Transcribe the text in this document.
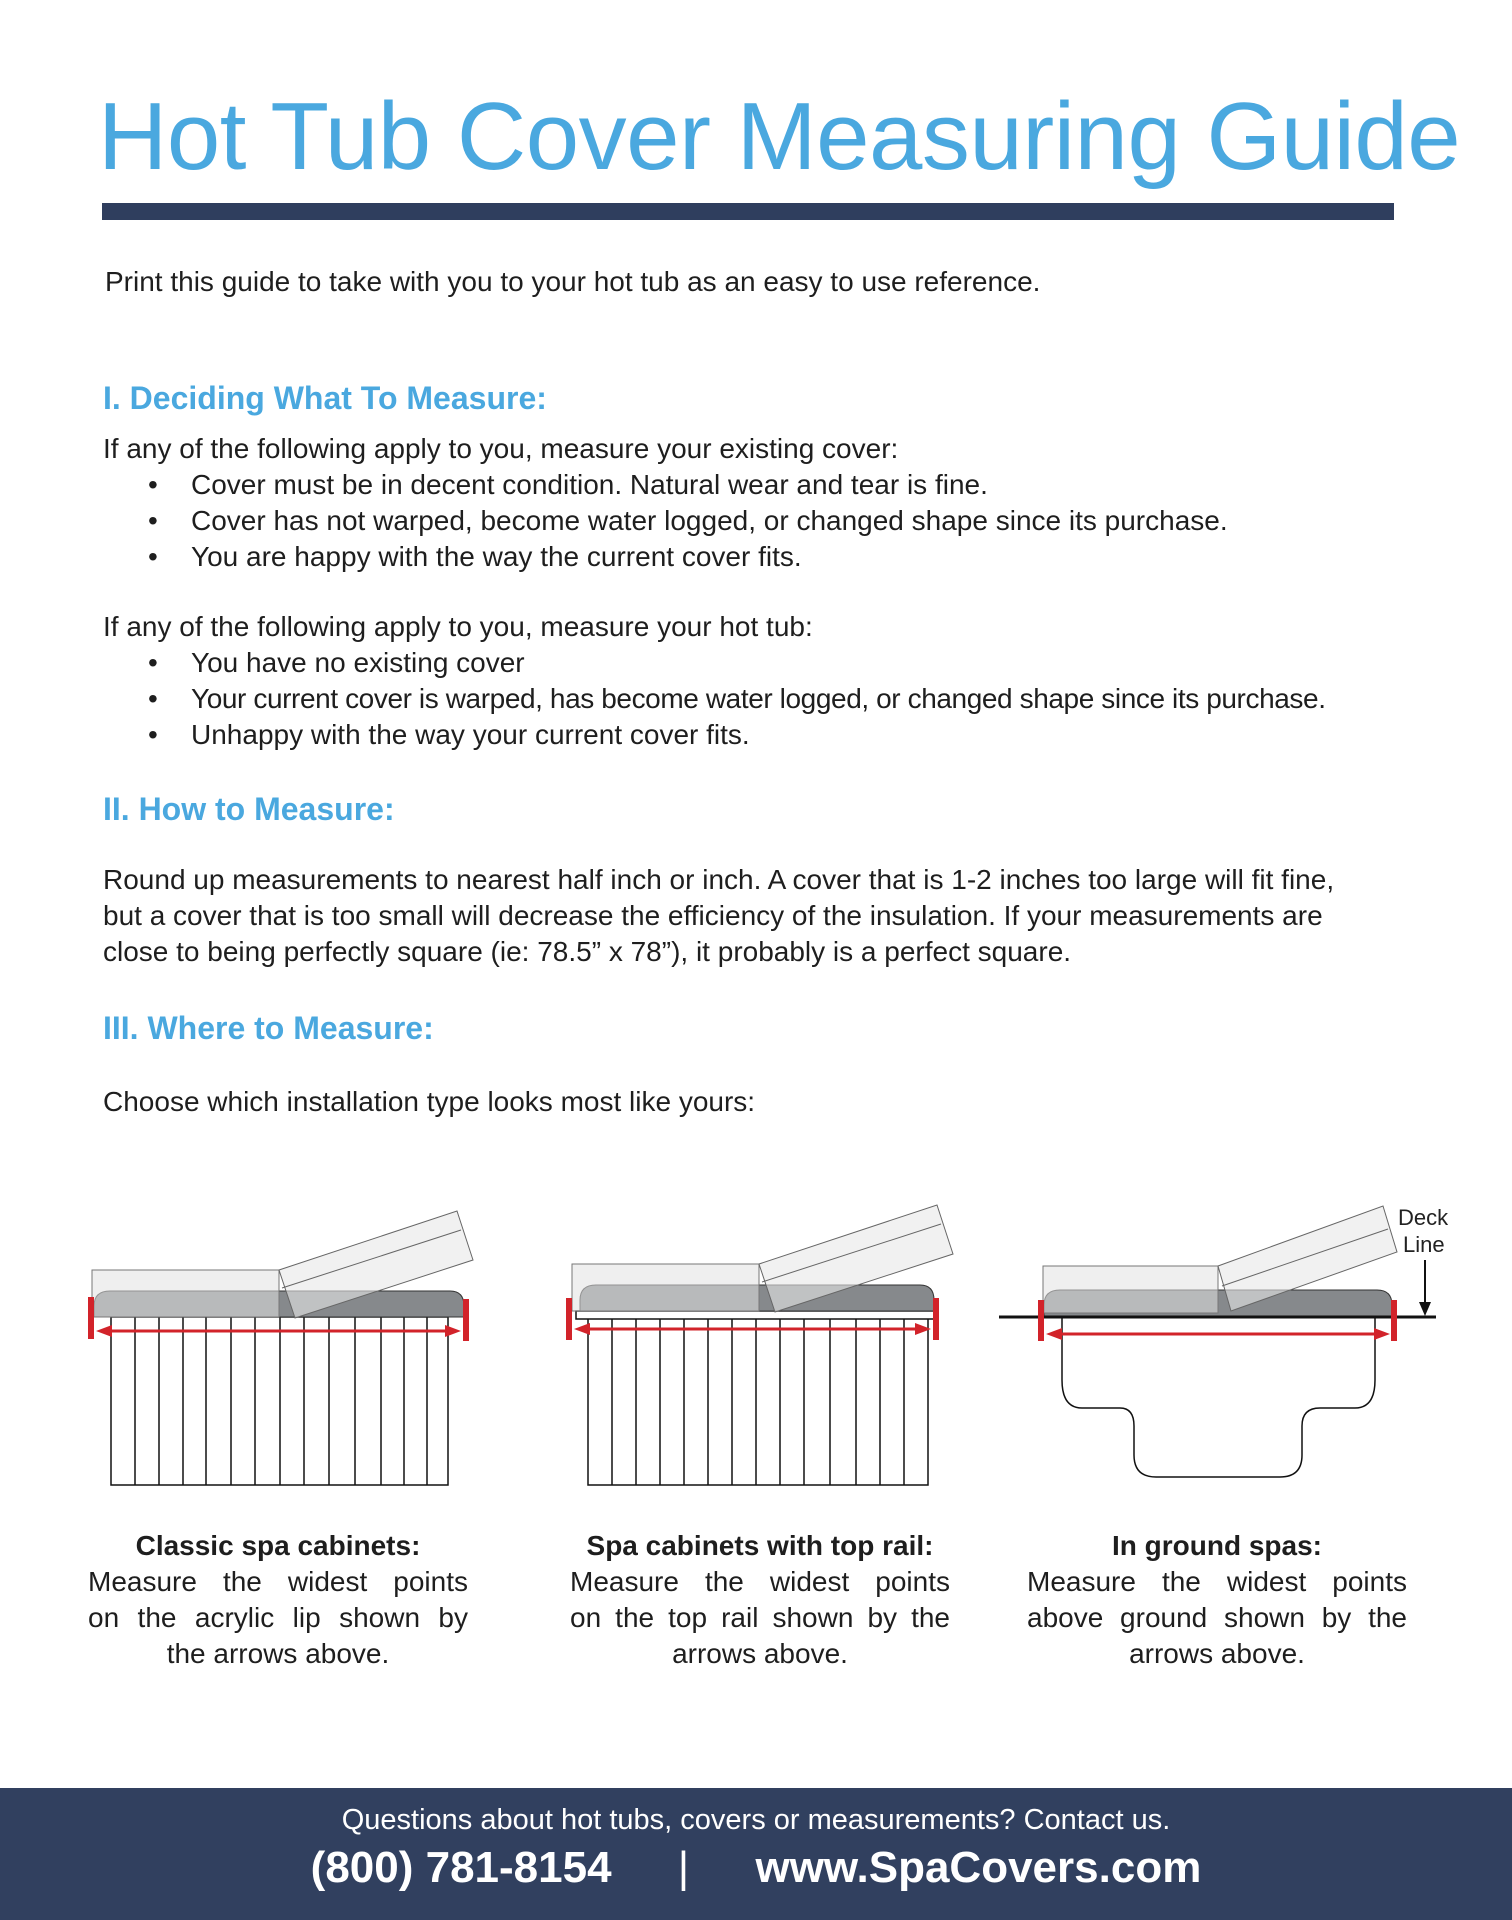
Hot Tub Cover Measuring Guide
Print this guide to take with you to your hot tub as an easy to use reference.
I. Deciding What To Measure:
If any of the following apply to you, measure your existing cover:
• Cover must be in decent condition. Natural wear and tear is fine.
• Cover has not warped, become water logged, or changed shape since its purchase.
• You are happy with the way the current cover fits.
If any of the following apply to you, measure your hot tub:
• You have no existing cover
• Your current cover is warped, has become water logged, or changed shape since its purchase.
• Unhappy with the way your current cover fits.
II. How to Measure:
Round up measurements to nearest half inch or inch. A cover that is 1-2 inches too large will fit fine,
but a cover that is too small will decrease the efficiency of the insulation. If your measurements are
close to being perfectly square (ie: 78.5” x 78”), it probably is a perfect square.
III. Where to Measure:
Choose which installation type looks most like yours:
Deck
Line
Classic spa cabinets:
Measure the widest points
on the acrylic lip shown by
the arrows above.
Spa cabinets with top rail:
Measure the widest points
on the top rail shown by the
arrows above.
In ground spas:
Measure the widest points
above ground shown by the
arrows above.
Questions about hot tubs, covers or measurements? Contact us.
(800) 781-8154 | www.SpaCovers.com
